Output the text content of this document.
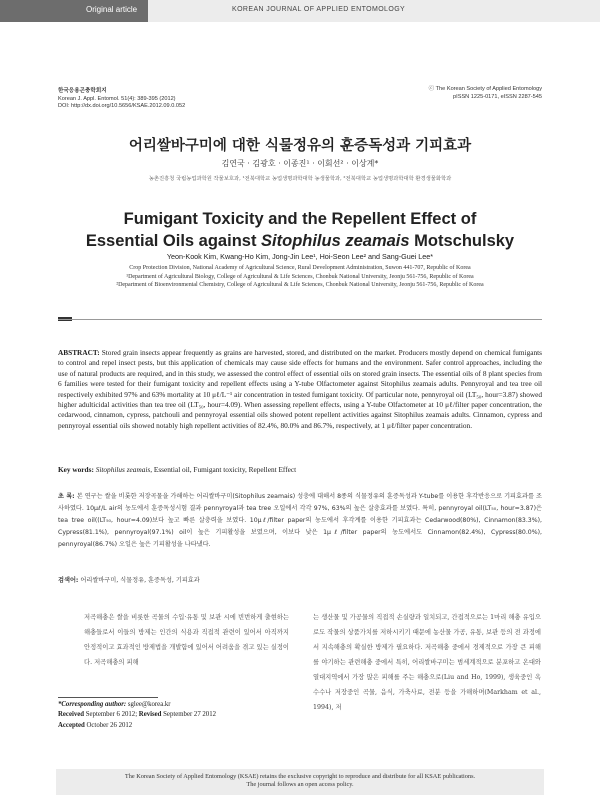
Original article	KOREAN JOURNAL OF APPLIED ENTOMOLOGY
한국응용곤충학회지
Korean J. Appl. Entomol. 51(4): 389-395 (2012)
DOI: http://dx.doi.org/10.5656/KSAE.2012.09.0.052
ⓒ The Korean Society of Applied Entomology
pISSN 1225-0171, eISSN 2287-545
어리쌀바구미에 대한 식물정유의 훈증독성과 기피효과
김연국 · 김광호 · 이종진¹ · 이회선² · 이상계*
농촌진흥청 국립농업과학원 작물보호과, ¹전북대학교 농업생명과학대학 농생물학과, ²전북대학교 농업생명과학대학 환경생물화학과
Fumigant Toxicity and the Repellent Effect of
Essential Oils against Sitophilus zeamais Motschulsky
Yeon-Kook Kim, Kwang-Ho Kim, Jong-Jin Lee¹, Hoi-Seon Lee² and Sang-Guei Lee*
Crop Protection Division, National Academy of Agricultural Science, Rural Development Administration, Suwon 441-707, Republic of Korea
¹Department of Agricultural Biology, College of Agricultural & Life Sciences, Chonbuk National University, Jeonju 561-756, Republic of Korea
²Department of Bioenvironmental Chemistry, College of Agricultural & Life Sciences, Chonbuk National University, Jeonju 561-756, Republic of Korea
ABSTRACT: Stored grain insects appear frequently as grains are harvested, stored, and distributed on the market. Producers mostly depend on chemical fumigants to control and repel insect pests, but this application of chemicals may cause side effects for humans and the environment. Safer control approaches, including the use of natural products are required, and in this study, we assessed the control effect of essential oils on stored grain insects. The essential oils of 8 plant species from 6 families were tested for their fumigant toxicity and repellent effects using a Y-tube Olfactometer against Sitophilus zeamais adults. Pennyroyal and tea tree oil respectively exhibited 97% and 63% mortality at 10 μℓ/L⁻¹ air concentration in tested fumigant toxicity. Of particular note, pennyroyal oil (LT₅₀, hour=3.87) showed higher adulticidal activities than tea tree oil (LT₅₀, hour=4.09). When assessing repellent effects, using a Y-tube Olfactometer at 10 μℓ/filter paper concentration, the cedarwood, cinnamon, cypress, patchouli and pennyroyal essential oils showed potent repellent activities against Sitophilus zeamais adults. Cinnamon, cypress and pennyroyal essential oils showed notably high repellent activities of 82.4%, 80.0% and 86.7%, respectively, at 1 μℓ/filter paper concentration.
Key words: Sitophilus zeamais, Essential oil, Fumigant toxicity, Repellent Effect
초 록: 본 연구는 쌀을 비롯한 저장곡물을 가해하는 어리쌀바구미(Sitophilus zeamais) 성충에 대해서 8종의 식물정유의 훈증독성과 Y-tube를 이용한 후각반응으로 기피효과를 조사하였다. 10μℓ/L air의 농도에서 훈증독성시험 결과 pennyroyal과 tea tree 오일에서 각각 97%, 63%의 높은 살충효과를 보였다. 특히, pennyroyal oil(LT₅₀, hour=3.87)은 tea tree oil((LT₅₀, hour=4.09)보다 높고 빠른 살충력을 보였다. 10μℓ/filter paper의 농도에서 후각계를 이용한 기피효과는 Cedarwood(80%), Cinnamon(83.3%), Cypress(81.1%), pennyroyal(97.1%) oil이 높은 기피활성을 보였으며, 이보다 낮은 1μℓ/filter paper의 농도에서도 Cinnamon(82.4%), Cypress(80.0%), pennyroyal(86.7%) 오일은 높은 기피활성을 나타냈다.
검색어: 어리쌀바구미, 식물정유, 훈증독성, 기피효과
저곡해충은 쌀을 비롯한 곡물의 수입·유통 및 보관 시에 빈번하게 출현하는 해충들로서 이들의 방제는 인간의 식용과 직접적 관련이 있어서 아직까지 안정적이고 효과적인 방제법을 개발함에 있어서 어려움을 겪고 있는 실정이다. 저곡해충의 피해
는 생산물 및 가공물의 직접적 손실량과 일치되고, 간접적으로는 1마리 해충 유입으로도 작물의 상품가치를 저하시키기 때문에 농산물 가공, 유통, 보관 등의 전 과정에서 지속해충의 확실한 방제가 필요하다. 저곡해충 중에서 경제적으로 가장 큰 피해를 야기하는 관련해충 중에서 특히, 어리쌀바구미는 범세계적으로 분포하고 온대와 열대지역에서 가장 많은 피해를 주는 해충으로(Liu and Ho, 1999), 생육중인 옥수수나 저장중인 곡물, 음식, 가축사료, 전분 등을 가해하며(Markham et al., 1994), 저
*Corresponding author: sglee@korea.kr
Received September 6 2012; Revised September 27 2012
Accepted October 26 2012
The Korean Society of Applied Entomology (KSAE) retains the exclusive copyright to reproduce and distribute for all KSAE publications.
The journal follows an open access policy.
